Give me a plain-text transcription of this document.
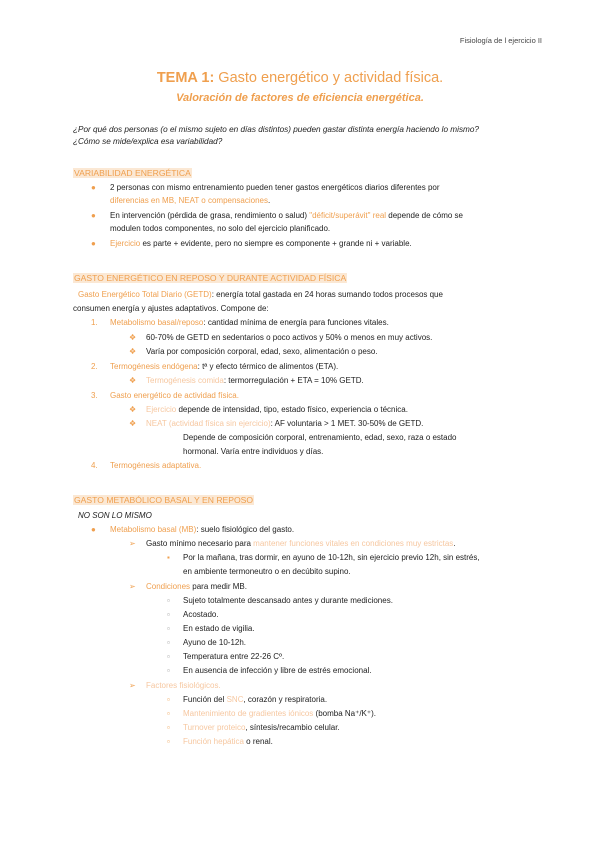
Fisiología de l ejercicio II
TEMA 1: Gasto energético y actividad física.
Valoración de factores de eficiencia energética.
¿Por qué dos personas (o el mismo sujeto en días distintos) pueden gastar distinta energía haciendo lo mismo?
¿Cómo se mide/explica esa variabilidad?
VARIABILIDAD ENERGÉTICA
● 2 personas con mismo entrenamiento pueden tener gastos energéticos diarios diferentes por
diferencias en MB, NEAT o compensaciones.
● En intervención (pérdida de grasa, rendimiento o salud) "déficit/superávit" real depende de cómo se
modulen todos componentes, no solo del ejercicio planificado.
● Ejercicio es parte + evidente, pero no siempre es componente + grande ni + variable.
GASTO ENERGÉTICO EN REPOSO Y DURANTE ACTIVIDAD FÍSICA
Gasto Energético Total Diario (GETD): energía total gastada en 24 horas sumando todos procesos que
consumen energía y ajustes adaptativos. Compone de:
1. Metabolismo basal/reposo: cantidad mínima de energía para funciones vitales.
❖ 60-70% de GETD en sedentarios o poco activos y 50% o menos en muy activos.
❖ Varía por composición corporal, edad, sexo, alimentación o peso.
2. Termogénesis endógena: tª y efecto térmico de alimentos (ETA).
❖ Termogénesis comida: termorregulación + ETA = 10% GETD.
3. Gasto energético de actividad física.
❖ Ejercicio depende de intensidad, tipo, estado físico, experiencia o técnica.
❖ NEAT (actividad física sin ejercicio): AF voluntaria > 1 MET. 30-50% de GETD.
Depende de composición corporal, entrenamiento, edad, sexo, raza o estado
hormonal. Varía entre individuos y días.
4. Termogénesis adaptativa.
GASTO METABÓLICO BASAL Y EN REPOSO
NO SON LO MISMO
● Metabolismo basal (MB): suelo fisiológico del gasto.
➢ Gasto mínimo necesario para mantener funciones vitales en condiciones muy estrictas.
▪ Por la mañana, tras dormir, en ayuno de 10-12h, sin ejercicio previo 12h, sin estrés,
en ambiente termoneutro o en decúbito supino.
➢ Condiciones para medir MB.
▫ Sujeto totalmente descansado antes y durante mediciones.
▫ Acostado.
▫ En estado de vigilia.
▫ Ayuno de 10-12h.
▫ Temperatura entre 22-26 Cº.
▫ En ausencia de infección y libre de estrés emocional.
➢ Factores fisiológicos.
▫ Función del SNC, corazón y respiratoria.
▫ Mantenimiento de gradientes iónicos (bomba Na⁺/K⁺).
▫ Turnover proteico, síntesis/recambio celular.
▫ Función hepática o renal.
